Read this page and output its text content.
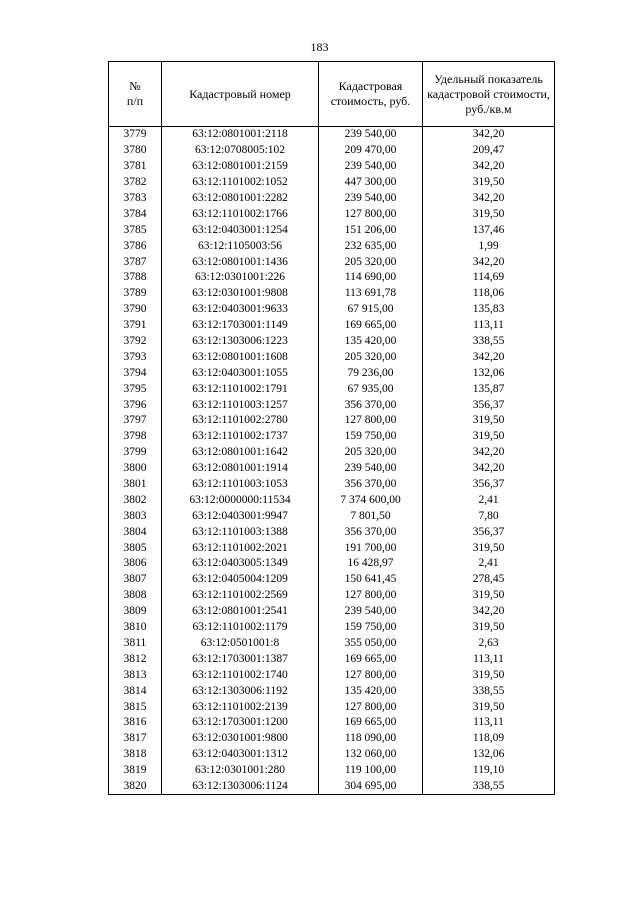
183
№
п/п	Кадастровый номер	Кадастровая стоимость, руб.	Удельный показатель кадастровой стоимости, руб./кв.м
3779	63:12:0801001:2118	239 540,00	342,20
3780	63:12:0708005:102	209 470,00	209,47
3781	63:12:0801001:2159	239 540,00	342,20
3782	63:12:1101002:1052	447 300,00	319,50
3783	63:12:0801001:2282	239 540,00	342,20
3784	63:12:1101002:1766	127 800,00	319,50
3785	63:12:0403001:1254	151 206,00	137,46
3786	63:12:1105003:56	232 635,00	1,99
3787	63:12:0801001:1436	205 320,00	342,20
3788	63:12:0301001:226	114 690,00	114,69
3789	63:12:0301001:9808	113 691,78	118,06
3790	63:12:0403001:9633	67 915,00	135,83
3791	63:12:1703001:1149	169 665,00	113,11
3792	63:12:1303006:1223	135 420,00	338,55
3793	63:12:0801001:1608	205 320,00	342,20
3794	63:12:0403001:1055	79 236,00	132,06
3795	63:12:1101002:1791	67 935,00	135,87
3796	63:12:1101003:1257	356 370,00	356,37
3797	63:12:1101002:2780	127 800,00	319,50
3798	63:12:1101002:1737	159 750,00	319,50
3799	63:12:0801001:1642	205 320,00	342,20
3800	63:12:0801001:1914	239 540,00	342,20
3801	63:12:1101003:1053	356 370,00	356,37
3802	63:12:0000000:11534	7 374 600,00	2,41
3803	63:12:0403001:9947	7 801,50	7,80
3804	63:12:1101003:1388	356 370,00	356,37
3805	63:12:1101002:2021	191 700,00	319,50
3806	63:12:0403005:1349	16 428,97	2,41
3807	63:12:0405004:1209	150 641,45	278,45
3808	63:12:1101002:2569	127 800,00	319,50
3809	63:12:0801001:2541	239 540,00	342,20
3810	63:12:1101002:1179	159 750,00	319,50
3811	63:12:0501001:8	355 050,00	2,63
3812	63:12:1703001:1387	169 665,00	113,11
3813	63:12:1101002:1740	127 800,00	319,50
3814	63:12:1303006:1192	135 420,00	338,55
3815	63:12:1101002:2139	127 800,00	319,50
3816	63:12:1703001:1200	169 665,00	113,11
3817	63:12:0301001:9800	118 090,00	118,09
3818	63:12:0403001:1312	132 060,00	132,06
3819	63:12:0301001:280	119 100,00	119,10
3820	63:12:1303006:1124	304 695,00	338,55
